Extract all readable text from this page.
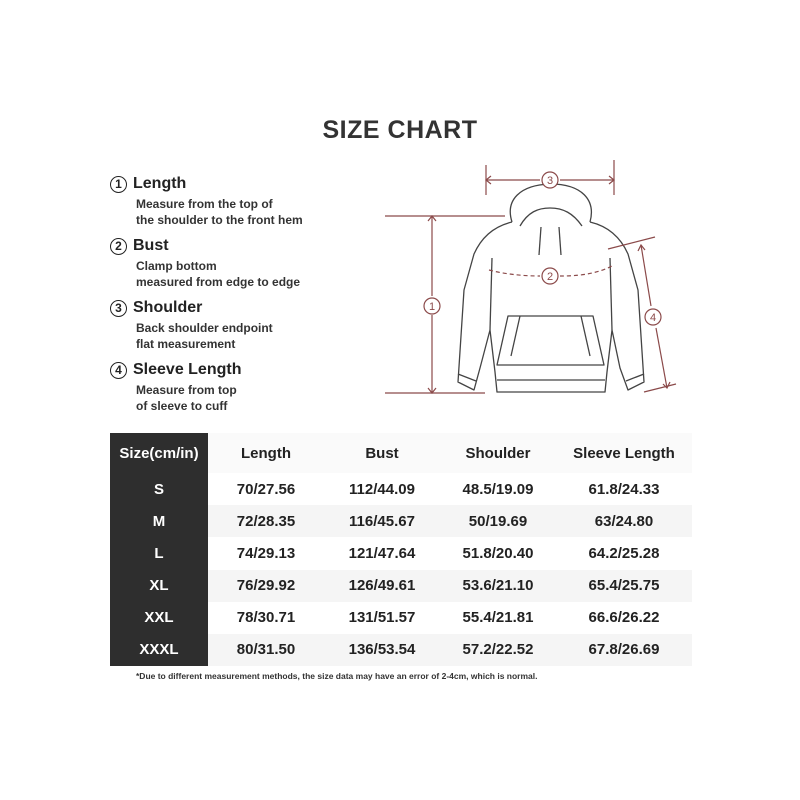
SIZE CHART
1 Length
Measure from the top of
the shoulder to the front hem
2 Bust
Clamp bottom
measured from edge to edge
3 Shoulder
Back shoulder endpoint
flat measurement
4 Sleeve Length
Measure from top
of sleeve to cuff
3
1
2
4
Size(cm/in)	Length	Bust	Shoulder	Sleeve Length
S	70/27.56	112/44.09	48.5/19.09	61.8/24.33
M	72/28.35	116/45.67	50/19.69	63/24.80
L	74/29.13	121/47.64	51.8/20.40	64.2/25.28
XL	76/29.92	126/49.61	53.6/21.10	65.4/25.75
XXL	78/30.71	131/51.57	55.4/21.81	66.6/26.22
XXXL	80/31.50	136/53.54	57.2/22.52	67.8/26.69
*Due to different measurement methods, the size data may have an error of 2-4cm, which is normal.
